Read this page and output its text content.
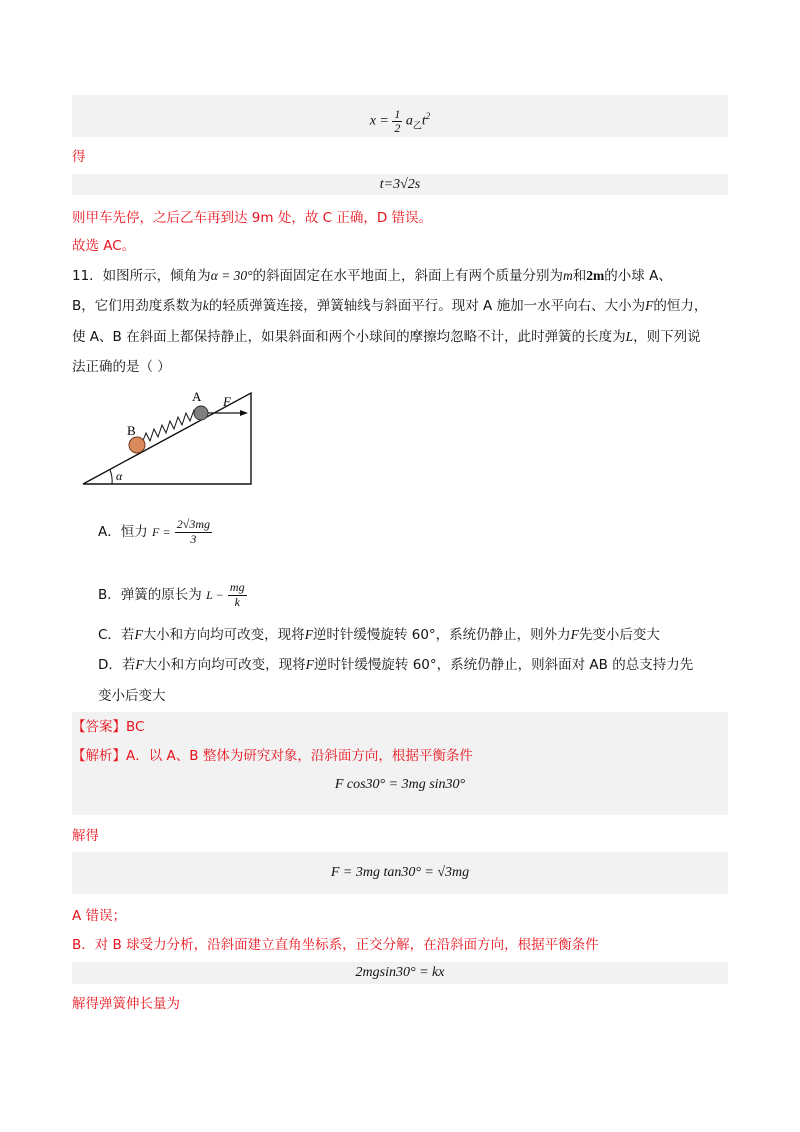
$x = \frac{1}{2} a_乙t^2$
得
t=3√2s
则甲车先停，之后乙车再到达 9m 处，故 C 正确，D 错误。
故选 AC。
11．如图所示，倾角为α = 30°的斜面固定在水平地面上，斜面上有两个质量分别为m和2m的小球 A、
B，它们用劲度系数为k的轻质弹簧连接，弹簧轴线与斜面平行。现对 A 施加一水平向右、大小为F的恒力，
使 A、B 在斜面上都保持静止，如果斜面和两个小球间的摩擦均忽略不计，此时弹簧的长度为L，则下列说
法正确的是（ ）
α
A
B
F
A．恒力 $F = \frac{2√3mg}{3}$
B．弹簧的原长为 $L - \frac{mg}{k}$
C．若F大小和方向均可改变，现将F逆时针缓慢旋转 60°，系统仍静止，则外力F先变小后变大
D．若F大小和方向均可改变，现将F逆时针缓慢旋转 60°，系统仍静止，则斜面对 AB 的总支持力先
变小后变大
【答案】BC
【解析】A．以 A、B 整体为研究对象，沿斜面方向，根据平衡条件
F cos30° = 3mg sin30°
解得
F = 3mg tan30° = √3mg
A 错误；
B．对 B 球受力分析，沿斜面建立直角坐标系，正交分解，在沿斜面方向，根据平衡条件
2mgsin30° = kx
解得弹簧伸长量为
